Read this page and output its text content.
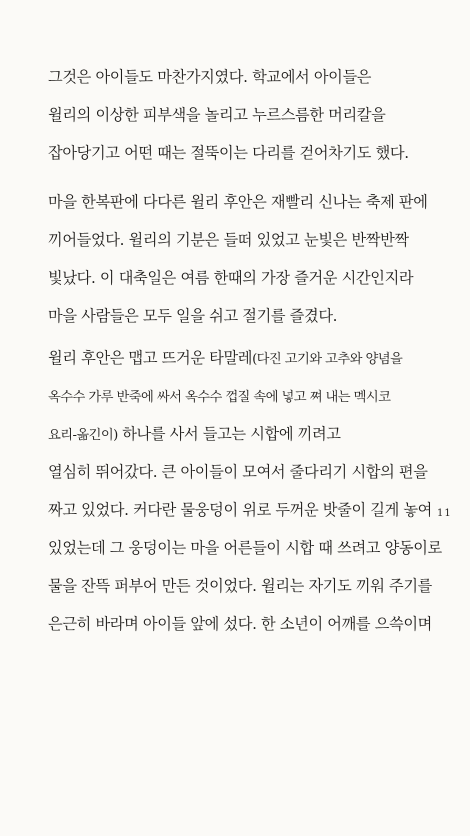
그것은 아이들도 마찬가지였다. 학교에서 아이들은
윌리의 이상한 피부색을 놀리고 누르스름한 머리칼을
잡아당기고 어떤 때는 절뚝이는 다리를 걷어차기도 했다.
마을 한복판에 다다른 윌리 후안은 재빨리 신나는 축제 판에
끼어들었다. 윌리의 기분은 들떠 있었고 눈빛은 반짝반짝
빛났다. 이 대축일은 여름 한때의 가장 즐거운 시간인지라
마을 사람들은 모두 일을 쉬고 절기를 즐겼다.
윌리 후안은 맵고 뜨거운 타말레(다진 고기와 고추와 양념을
옥수수 가루 반죽에 싸서 옥수수 껍질 속에 넣고 쪄 내는 멕시코
요리-옮긴이) 하나를 사서 들고는 시합에 끼려고
열심히 뛰어갔다. 큰 아이들이 모여서 줄다리기 시합의 편을
짜고 있었다. 커다란 물웅덩이 위로 두꺼운 밧줄이 길게 놓여
있었는데 그 웅덩이는 마을 어른들이 시합 때 쓰려고 양동이로
물을 잔뜩 퍼부어 만든 것이었다. 윌리는 자기도 끼워 주기를
은근히 바라며 아이들 앞에 섰다. 한 소년이 어깨를 으쓱이며
11
